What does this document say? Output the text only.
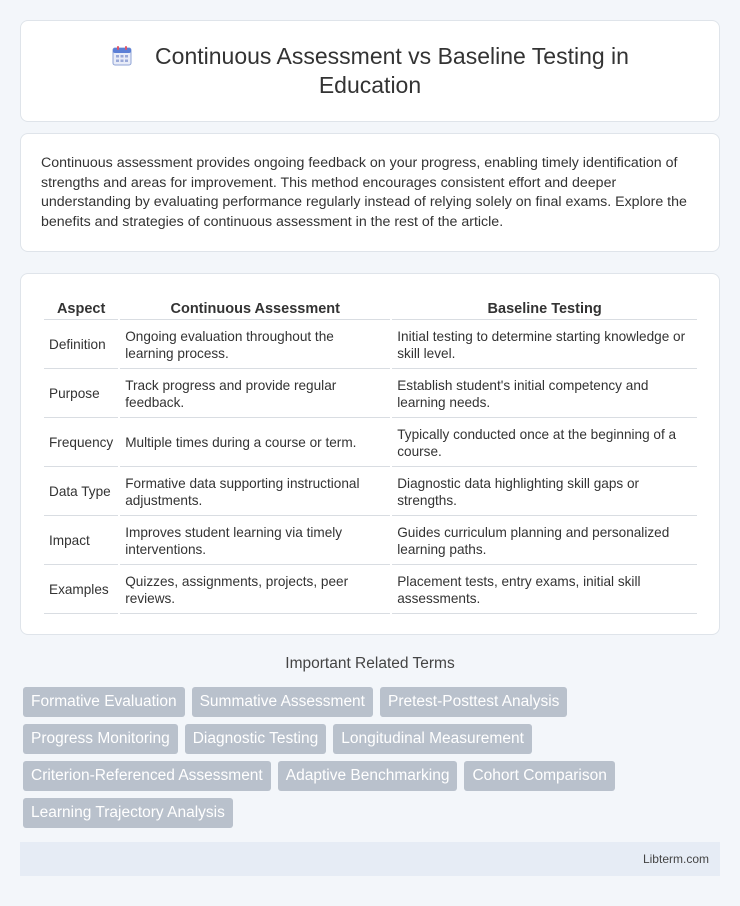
Continuous Assessment vs Baseline Testing in Education

Continuous assessment provides ongoing feedback on your progress, enabling timely identification of strengths and areas for improvement. This method encourages consistent effort and deeper understanding by evaluating performance regularly instead of relying solely on final exams. Explore the benefits and strategies of continuous assessment in the rest of the article.

Aspect	Continuous Assessment	Baseline Testing
Definition	Ongoing evaluation throughout the learning process.	Initial testing to determine starting knowledge or skill level.
Purpose	Track progress and provide regular feedback.	Establish student's initial competency and learning needs.
Frequency	Multiple times during a course or term.	Typically conducted once at the beginning of a course.
Data Type	Formative data supporting instructional adjustments.	Diagnostic data highlighting skill gaps or strengths.
Impact	Improves student learning via timely interventions.	Guides curriculum planning and personalized learning paths.
Examples	Quizzes, assignments, projects, peer reviews.	Placement tests, entry exams, initial skill assessments.
Important Related Terms
Formative Evaluation	Summative Assessment	Pretest-Posttest Analysis
Progress Monitoring	Diagnostic Testing	Longitudinal Measurement
Criterion-Referenced Assessment	Adaptive Benchmarking	Cohort Comparison
Learning Trajectory Analysis
Libterm.com
